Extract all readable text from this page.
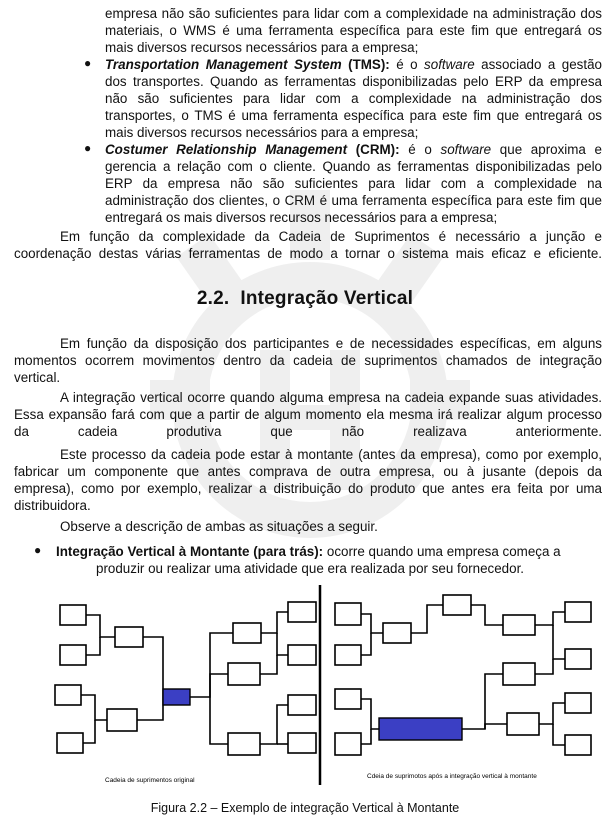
empresa não são suficientes para lidar com a complexidade na administração dos
materiais, o WMS é uma ferramenta específica para este fim que entregará os
mais diversos recursos necessários para a empresa;
● Transportation Management System (TMS): é o software associado a gestão
dos transportes. Quando as ferramentas disponibilizadas pelo ERP da empresa
não são suficientes para lidar com a complexidade na administração dos
transportes, o TMS é uma ferramenta específica para este fim que entregará os
mais diversos recursos necessários para a empresa;
● Costumer Relationship Management (CRM): é o software que aproxima e
gerencia a relação com o cliente. Quando as ferramentas disponibilizadas pelo
ERP da empresa não são suficientes para lidar com a complexidade na
administração dos clientes, o CRM é uma ferramenta específica para este fim que
entregará os mais diversos recursos necessários para a empresa;
Em função da complexidade da Cadeia de Suprimentos é necessário a junção e coordenação destas várias ferramentas de modo a tornar o sistema mais eficaz e eficiente.
2.2. Integração Vertical
Em função da disposição dos participantes e de necessidades específicas, em alguns momentos ocorrem movimentos dentro da cadeia de suprimentos chamados de integração vertical.
A integração vertical ocorre quando alguma empresa na cadeia expande suas atividades. Essa expansão fará com que a partir de algum momento ela mesma irá realizar algum processo da cadeia produtiva que não realizava anteriormente.
Este processo da cadeia pode estar à montante (antes da empresa), como por exemplo, fabricar um componente que antes comprava de outra empresa, ou à jusante (depois da empresa), como por exemplo, realizar a distribuição do produto que antes era feita por uma distribuidora.
Observe a descrição de ambas as situações a seguir.
● Integração Vertical à Montante (para trás): ocorre quando uma empresa começa a
produzir ou realizar uma atividade que era realizada por seu fornecedor.
Cadeia de suprimentos original
Cdeia de suprimotos após a integração vertical à montante
Figura 2.2 – Exemplo de integração Vertical à Montante
